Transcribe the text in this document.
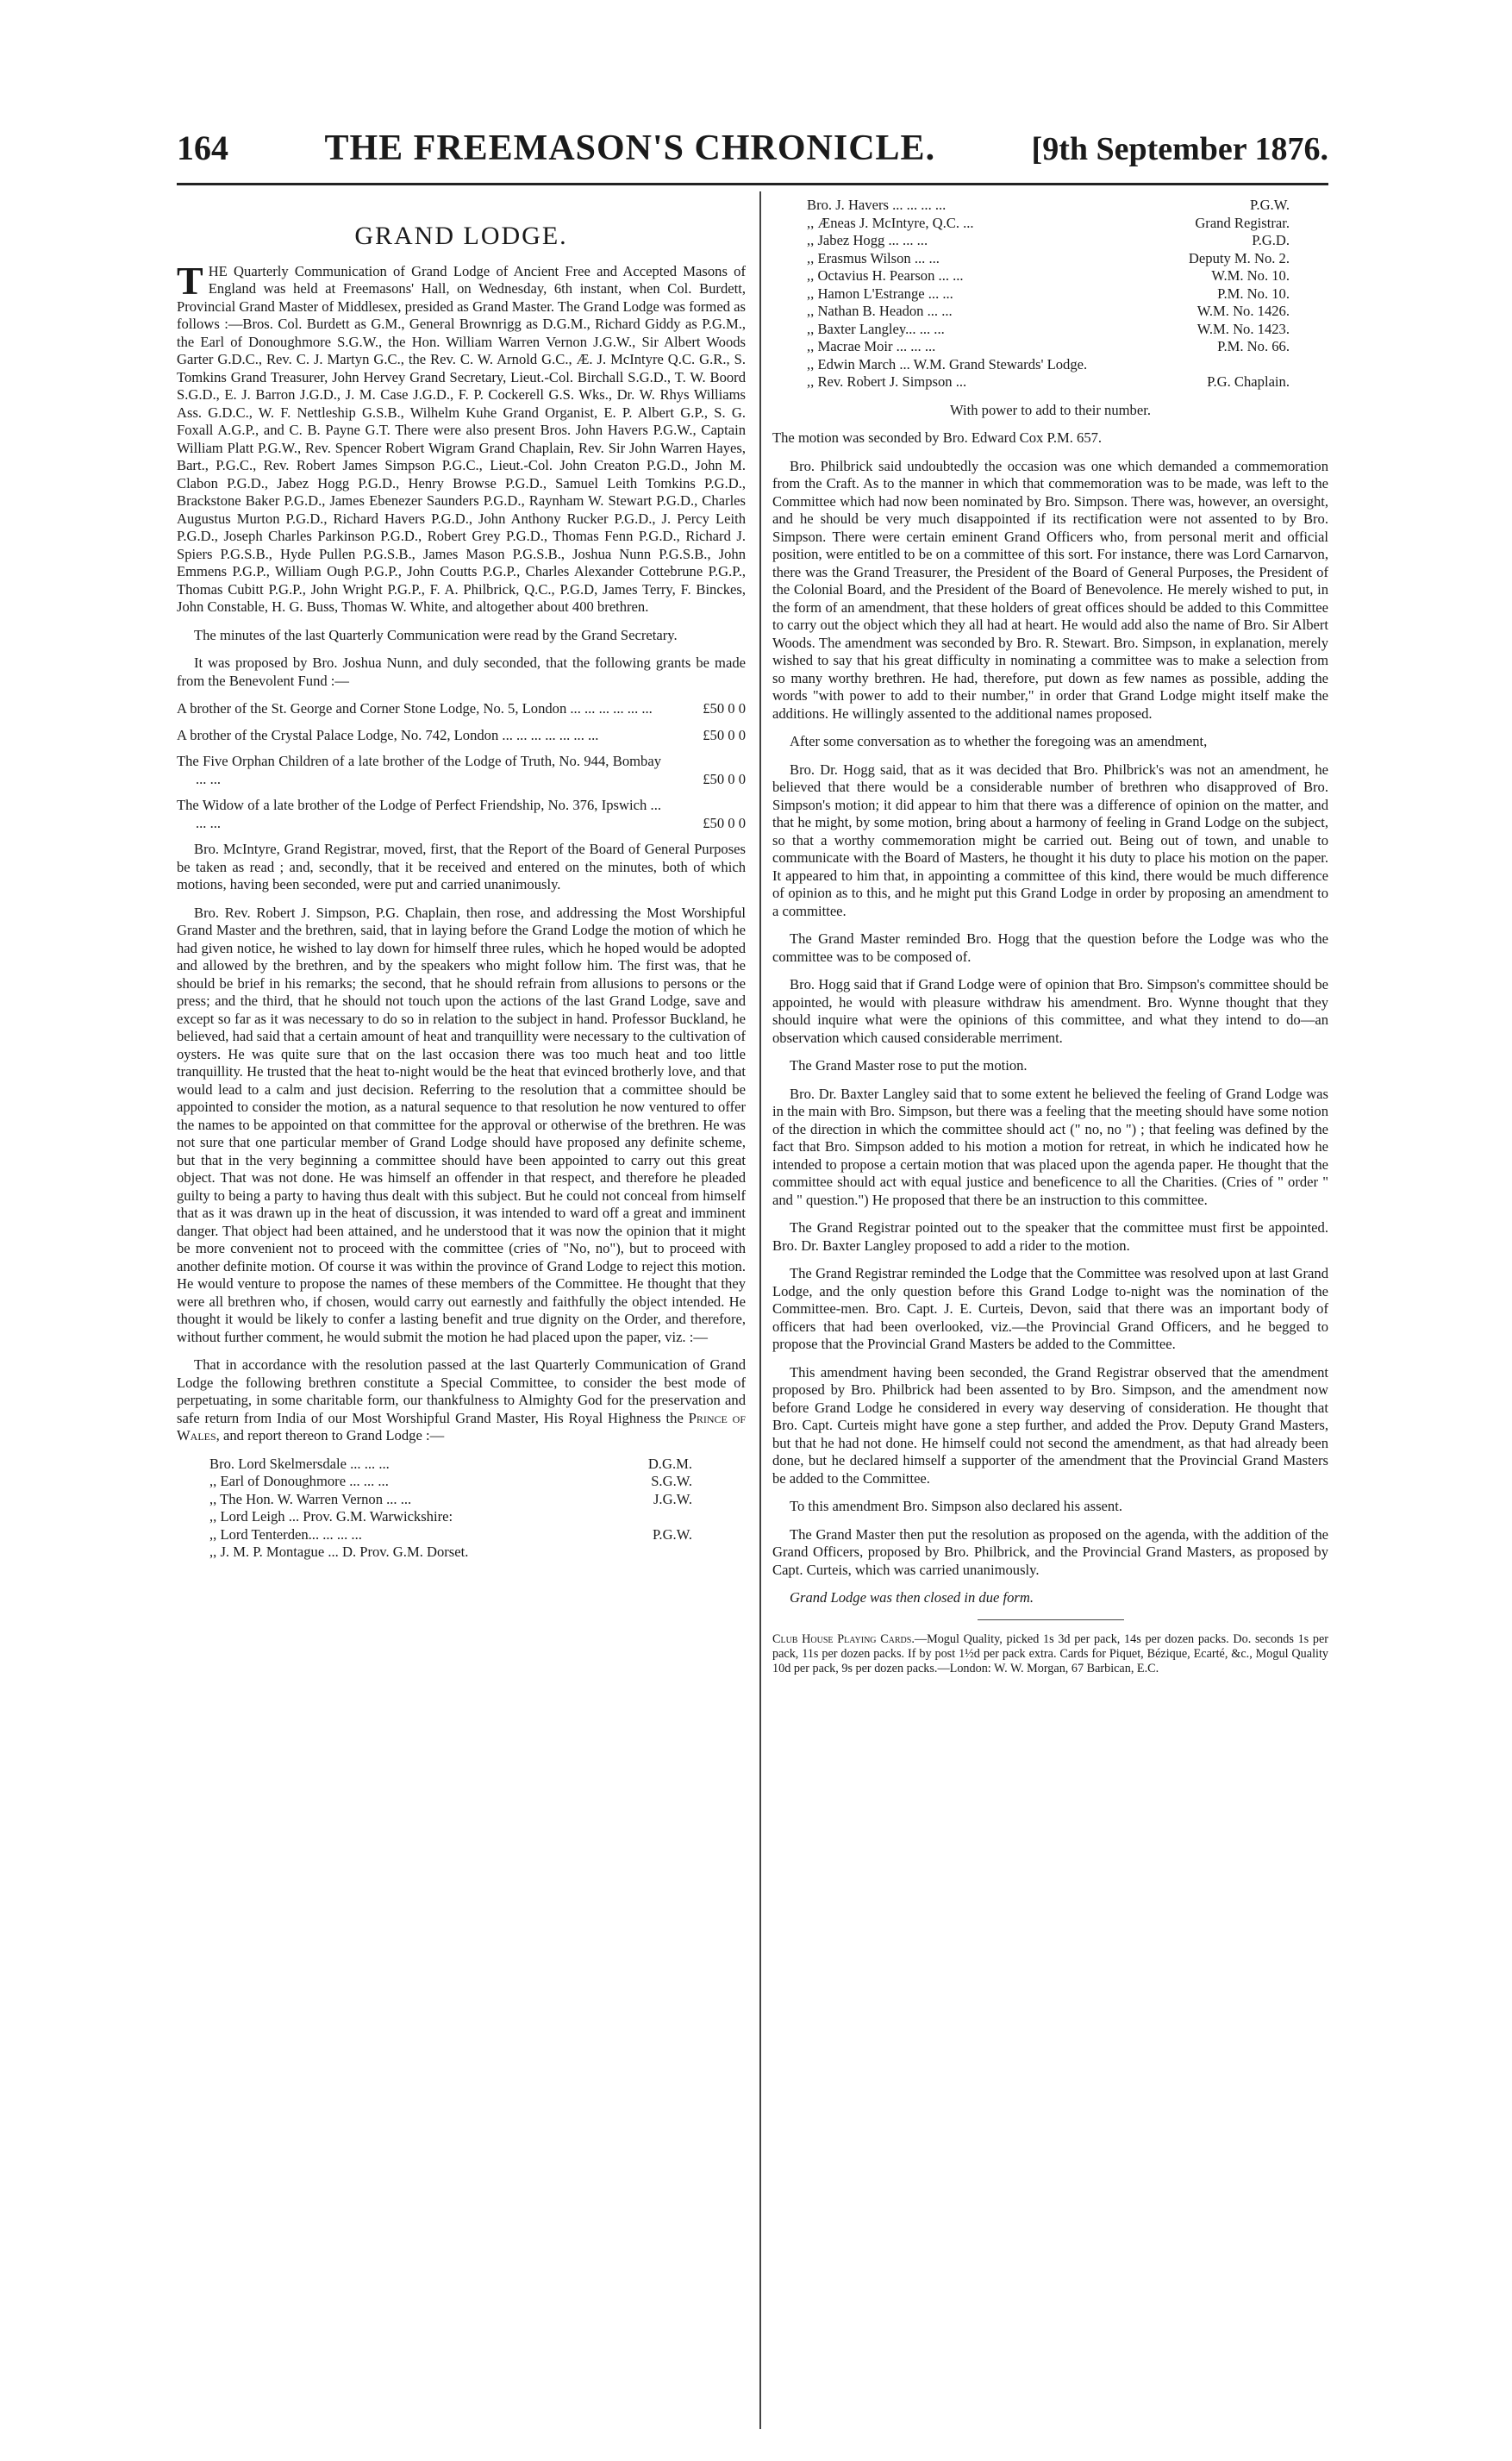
164	THE FREEMASON'S CHRONICLE.	[9th September 1876.
GRAND LODGE.

THE Quarterly Communication of Grand Lodge of Ancient Free and Accepted Masons of England was held at Freemasons' Hall, on Wednesday, 6th instant, when Col. Burdett, Provincial Grand Master of Middlesex, presided as Grand Master. The Grand Lodge was formed as follows :—Bros. Col. Burdett as G.M., General Brownrigg as D.G.M., Richard Giddy as P.G.M., the Earl of Donoughmore S.G.W., the Hon. William Warren Vernon J.G.W., Sir Albert Woods Garter G.D.C., Rev. C. J. Martyn G.C., the Rev. C. W. Arnold G.C., Æ. J. McIntyre Q.C. G.R., S. Tomkins Grand Treasurer, John Hervey Grand Secretary, Lieut.-Col. Birchall S.G.D., T. W. Boord S.G.D., E. J. Barron J.G.D., J. M. Case J.G.D., F. P. Cockerell G.S. Wks., Dr. W. Rhys Williams Ass. G.D.C., W. F. Nettleship G.S.B., Wilhelm Kuhe Grand Organist, E. P. Albert G.P., S. G. Foxall A.G.P., and C. B. Payne G.T. There were also present Bros. John Havers P.G.W., Captain William Platt P.G.W., Rev. Spencer Robert Wigram Grand Chaplain, Rev. Sir John Warren Hayes, Bart., P.G.C., Rev. Robert James Simpson P.G.C., Lieut.-Col. John Creaton P.G.D., John M. Clabon P.G.D., Jabez Hogg P.G.D., Henry Browse P.G.D., Samuel Leith Tomkins P.G.D., Brackstone Baker P.G.D., James Ebenezer Saunders P.G.D., Raynham W. Stewart P.G.D., Charles Augustus Murton P.G.D., Richard Havers P.G.D., John Anthony Rucker P.G.D., J. Percy Leith P.G.D., Joseph Charles Parkinson P.G.D., Robert Grey P.G.D., Thomas Fenn P.G.D., Richard J. Spiers P.G.S.B., Hyde Pullen P.G.S.B., James Mason P.G.S.B., Joshua Nunn P.G.S.B., John Emmens P.G.P., William Ough P.G.P., John Coutts P.G.P., Charles Alexander Cottebrune P.G.P., Thomas Cubitt P.G.P., John Wright P.G.P., F. A. Philbrick, Q.C., P.G.D, James Terry, F. Binckes, John Constable, H. G. Buss, Thomas W. White, and altogether about 400 brethren.

The minutes of the last Quarterly Communication were read by the Grand Secretary.

It was proposed by Bro. Joshua Nunn, and duly seconded, that the following grants be made from the Benevolent Fund :—

A brother of the St. George and Corner Stone Lodge, No. 5, London ... ... ... ... ... ...	£50 0 0
A brother of the Crystal Palace Lodge, No. 742, London ... ... ... ... ... ... ...	£50 0 0
The Five Orphan Children of a late brother of the Lodge of Truth, No. 944, Bombay ... ...	£50 0 0
The Widow of a late brother of the Lodge of Perfect Friendship, No. 376, Ipswich ... ... ...	£50 0 0

Bro. McIntyre, Grand Registrar, moved, first, that the Report of the Board of General Purposes be taken as read ; and, secondly, that it be received and entered on the minutes, both of which motions, having been seconded, were put and carried unanimously.

Bro. Rev. Robert J. Simpson, P.G. Chaplain, then rose, and addressing the Most Worshipful Grand Master and the brethren, said, that in laying before the Grand Lodge the motion of which he had given notice, he wished to lay down for himself three rules, which he hoped would be adopted and allowed by the brethren, and by the speakers who might follow him. The first was, that he should be brief in his remarks; the second, that he should refrain from allusions to persons or the press; and the third, that he should not touch upon the actions of the last Grand Lodge, save and except so far as it was necessary to do so in relation to the subject in hand. Professor Buckland, he believed, had said that a certain amount of heat and tranquillity were necessary to the cultivation of oysters. He was quite sure that on the last occasion there was too much heat and too little tranquillity. He trusted that the heat to-night would be the heat that evinced brotherly love, and that would lead to a calm and just decision. Referring to the resolution that a committee should be appointed to consider the motion, as a natural sequence to that resolution he now ventured to offer the names to be appointed on that committee for the approval or otherwise of the brethren. He was not sure that one particular member of Grand Lodge should have proposed any definite scheme, but that in the very beginning a committee should have been appointed to carry out this great object. That was not done. He was himself an offender in that respect, and therefore he pleaded guilty to being a party to having thus dealt with this subject. But he could not conceal from himself that as it was drawn up in the heat of discussion, it was intended to ward off a great and imminent danger. That object had been attained, and he understood that it was now the opinion that it might be more convenient not to proceed with the committee (cries of "No, no"), but to proceed with another definite motion. Of course it was within the province of Grand Lodge to reject this motion. He would venture to propose the names of these members of the Committee. He thought that they were all brethren who, if chosen, would carry out earnestly and faithfully the object intended. He thought it would be likely to confer a lasting benefit and true dignity on the Order, and therefore, without further comment, he would submit the motion he had placed upon the paper, viz. :—

That in accordance with the resolution passed at the last Quarterly Communication of Grand Lodge the following brethren constitute a Special Committee, to consider the best mode of perpetuating, in some charitable form, our thankfulness to Almighty God for the preservation and safe return from India of our Most Worshipful Grand Master, His Royal Highness the Prince of Wales, and report thereon to Grand Lodge :—

Bro. Lord Skelmersdale ... ... ...	D.G.M.
,, Earl of Donoughmore ... ... ...	S.G.W.
,, The Hon. W. Warren Vernon ... ...	J.G.W.
,, Lord Leigh ... Prov. G.M. Warwickshire:
,, Lord Tenterden... ... ... ...	P.G.W.
,, J. M. P. Montague ... D. Prov. G.M. Dorset.
Bro. J. Havers ... ... ... ...	P.G.W.
,, Æneas J. McIntyre, Q.C. ...	Grand Registrar.
,, Jabez Hogg ... ... ...	P.G.D.
,, Erasmus Wilson ... ...	Deputy M. No. 2.
,, Octavius H. Pearson ... ...	W.M. No. 10.
,, Hamon L'Estrange ... ...	P.M. No. 10.
,, Nathan B. Headon ... ...	W.M. No. 1426.
,, Baxter Langley... ... ...	W.M. No. 1423.
,, Macrae Moir ... ... ...	P.M. No. 66.
,, Edwin March ... W.M. Grand Stewards' Lodge.
,, Rev. Robert J. Simpson ...	P.G. Chaplain.

With power to add to their number.

The motion was seconded by Bro. Edward Cox P.M. 657.

Bro. Philbrick said undoubtedly the occasion was one which demanded a commemoration from the Craft. As to the manner in which that commemoration was to be made, was left to the Committee which had now been nominated by Bro. Simpson. There was, however, an oversight, and he should be very much disappointed if its rectification were not assented to by Bro. Simpson. There were certain eminent Grand Officers who, from personal merit and official position, were entitled to be on a committee of this sort. For instance, there was Lord Carnarvon, there was the Grand Treasurer, the President of the Board of General Purposes, the President of the Colonial Board, and the President of the Board of Benevolence. He merely wished to put, in the form of an amendment, that these holders of great offices should be added to this Committee to carry out the object which they all had at heart. He would add also the name of Bro. Sir Albert Woods. The amendment was seconded by Bro. R. Stewart. Bro. Simpson, in explanation, merely wished to say that his great difficulty in nominating a committee was to make a selection from so many worthy brethren. He had, therefore, put down as few names as possible, adding the words "with power to add to their number," in order that Grand Lodge might itself make the additions. He willingly assented to the additional names proposed.

After some conversation as to whether the foregoing was an amendment,

Bro. Dr. Hogg said, that as it was decided that Bro. Philbrick's was not an amendment, he believed that there would be a considerable number of brethren who disapproved of Bro. Simpson's motion; it did appear to him that there was a difference of opinion on the matter, and that he might, by some motion, bring about a harmony of feeling in Grand Lodge on the subject, so that a worthy commemoration might be carried out. Being out of town, and unable to communicate with the Board of Masters, he thought it his duty to place his motion on the paper. It appeared to him that, in appointing a committee of this kind, there would be much difference of opinion as to this, and he might put this Grand Lodge in order by proposing an amendment to a committee.

The Grand Master reminded Bro. Hogg that the question before the Lodge was who the committee was to be composed of.

Bro. Hogg said that if Grand Lodge were of opinion that Bro. Simpson's committee should be appointed, he would with pleasure withdraw his amendment. Bro. Wynne thought that they should inquire what were the opinions of this committee, and what they intend to do—an observation which caused considerable merriment.

The Grand Master rose to put the motion.

Bro. Dr. Baxter Langley said that to some extent he believed the feeling of Grand Lodge was in the main with Bro. Simpson, but there was a feeling that the meeting should have some notion of the direction in which the committee should act (" no, no ") ; that feeling was defined by the fact that Bro. Simpson added to his motion a motion for retreat, in which he indicated how he intended to propose a certain motion that was placed upon the agenda paper. He thought that the committee should act with equal justice and beneficence to all the Charities. (Cries of " order " and " question.") He proposed that there be an instruction to this committee.

The Grand Registrar pointed out to the speaker that the committee must first be appointed. Bro. Dr. Baxter Langley proposed to add a rider to the motion.

The Grand Registrar reminded the Lodge that the Committee was resolved upon at last Grand Lodge, and the only question before this Grand Lodge to-night was the nomination of the Committee-men. Bro. Capt. J. E. Curteis, Devon, said that there was an important body of officers that had been overlooked, viz.—the Provincial Grand Officers, and he begged to propose that the Provincial Grand Masters be added to the Committee.

This amendment having been seconded, the Grand Registrar observed that the amendment proposed by Bro. Philbrick had been assented to by Bro. Simpson, and the amendment now before Grand Lodge he considered in every way deserving of consideration. He thought that Bro. Capt. Curteis might have gone a step further, and added the Prov. Deputy Grand Masters, but that he had not done. He himself could not second the amendment, as that had already been done, but he declared himself a supporter of the amendment that the Provincial Grand Masters be added to the Committee.

To this amendment Bro. Simpson also declared his assent.

The Grand Master then put the resolution as proposed on the agenda, with the addition of the Grand Officers, proposed by Bro. Philbrick, and the Provincial Grand Masters, as proposed by Capt. Curteis, which was carried unanimously.

Grand Lodge was then closed in due form.

Club House Playing Cards.—Mogul Quality, picked 1s 3d per pack, 14s per dozen packs. Do. seconds 1s per pack, 11s per dozen packs. If by post 1½d per pack extra. Cards for Piquet, Bézique, Ecarté, &c., Mogul Quality 10d per pack, 9s per dozen packs.—London: W. W. Morgan, 67 Barbican, E.C.
